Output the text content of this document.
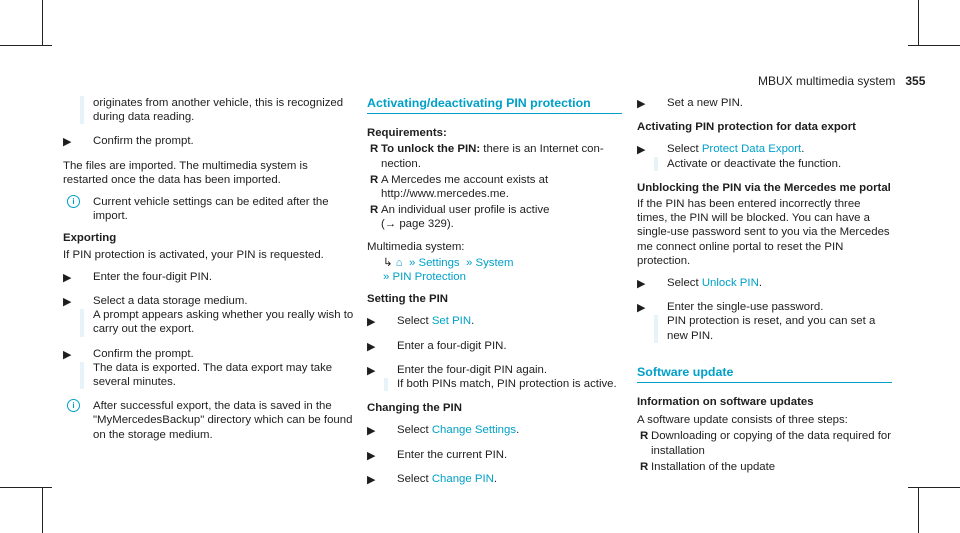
MBUX multimedia system 355
originates from another vehicle, this is recognized during data reading.
▶ Confirm the prompt.

The files are imported. The multimedia system is restarted once the data has been imported.

i	Current vehicle settings can be edited after the import.
Exporting

If PIN protection is activated, your PIN is requested.

▶ Enter the four-digit PIN.
▶ Select a data storage medium.
A prompt appears asking whether you really wish to carry out the export.
▶ Confirm the prompt.
The data is exported. The data export may take several minutes.
i	After successful export, the data is saved in the "MyMercedesBackup" directory which can be found on the storage medium.
Activating/deactivating PIN protection
Requirements:
R To unlock the PIN: there is an Internet connection.
R A Mercedes me account exists at http://www.mercedes.me.
R An individual user profile is active
(→ page 329).

Multimedia system:

↳ ⌂ » Settings » System
» PIN Protection
Setting the PIN
▶ Select Set PIN.
▶ Enter a four-digit PIN.
▶ Enter the four-digit PIN again.
If both PINs match, PIN protection is active.
Changing the PIN
▶ Select Change Settings.
▶ Enter the current PIN.
▶ Select Change PIN.
▶ Set a new PIN.
Activating PIN protection for data export
▶ Select Protect Data Export.
Activate or deactivate the function.
Unblocking the PIN via the Mercedes me portal

If the PIN has been entered incorrectly three times, the PIN will be blocked. You can have a single-use password sent to you via the Mercedes me connect online portal to reset the PIN protection.

▶ Select Unlock PIN.
▶ Enter the single-use password.
PIN protection is reset, and you can set a new PIN.
Software update
Information on software updates

A software update consists of three steps:

R Downloading or copying of the data required for installation
R Installation of the update
